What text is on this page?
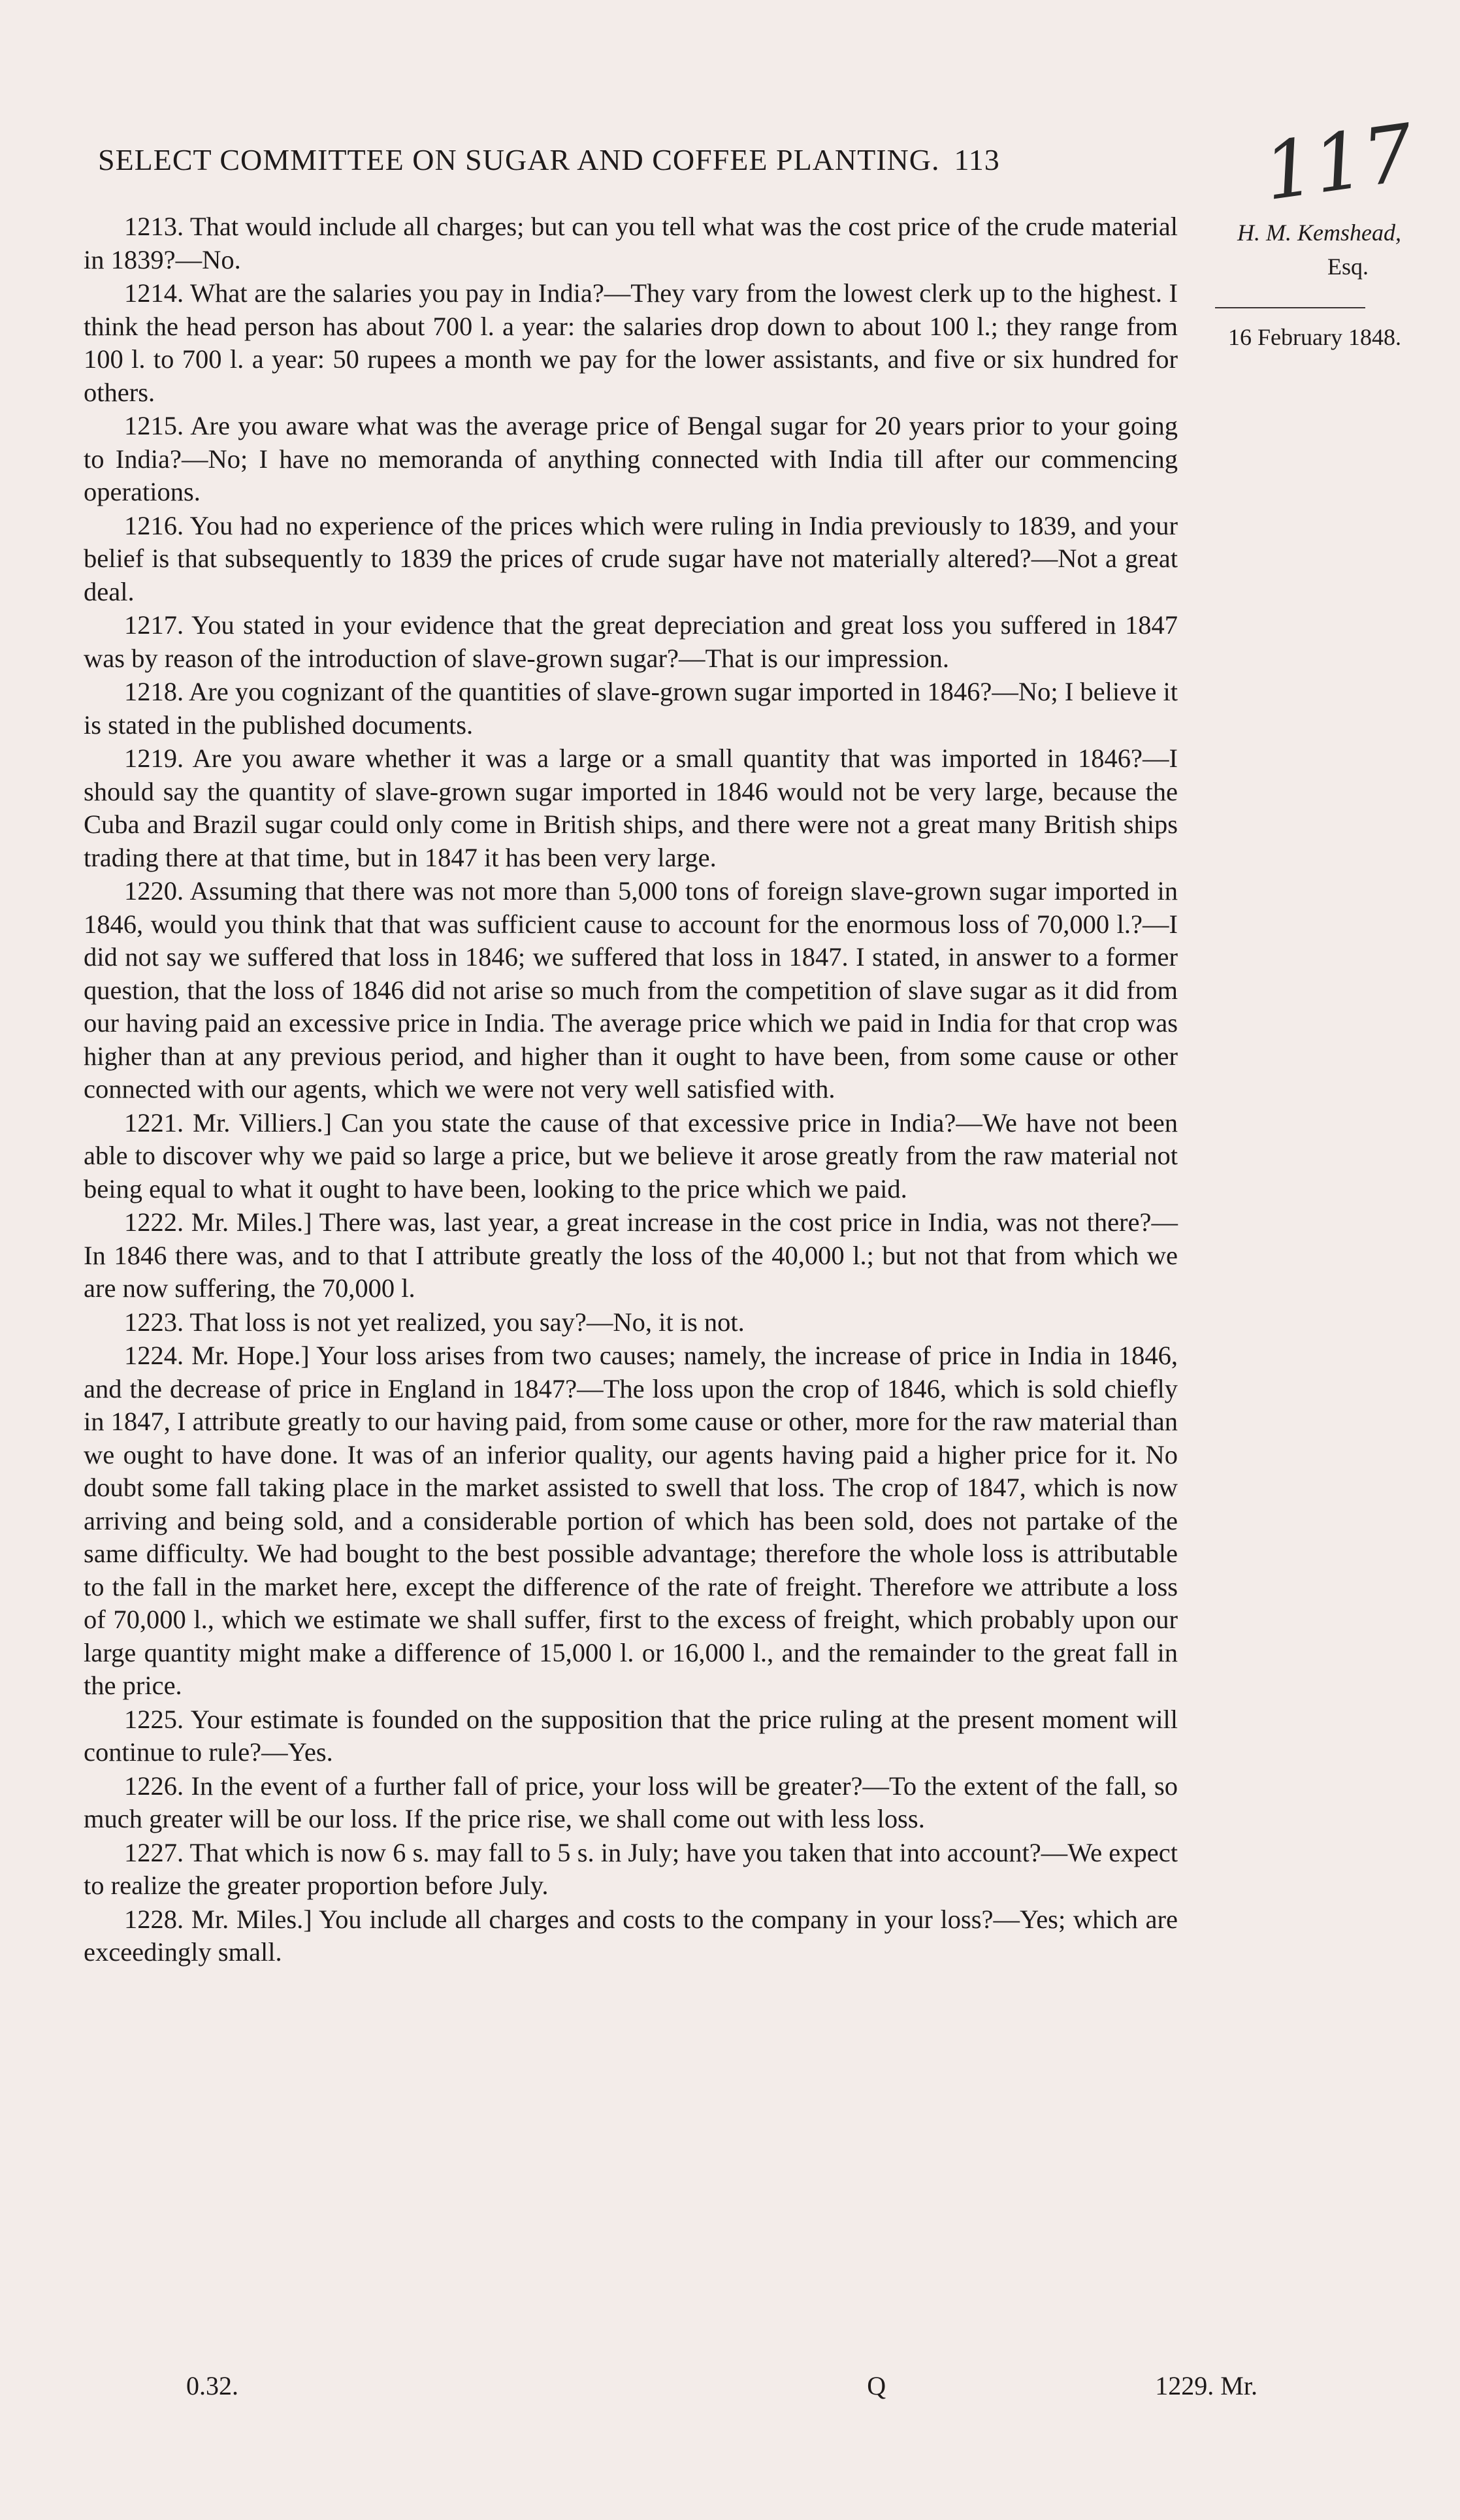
SELECT COMMITTEE ON SUGAR AND COFFEE PLANTING. 113	117
H. M. Kemshead,
Esq.
16 February 1848.

1213. That would include all charges; but can you tell what was the cost price of the crude material in 1839?—No.

1214. What are the salaries you pay in India?—They vary from the lowest clerk up to the highest. I think the head person has about 700 l. a year: the salaries drop down to about 100 l.; they range from 100 l. to 700 l. a year: 50 rupees a month we pay for the lower assistants, and five or six hundred for others.

1215. Are you aware what was the average price of Bengal sugar for 20 years prior to your going to India?—No; I have no memoranda of anything connected with India till after our commencing operations.

1216. You had no experience of the prices which were ruling in India previously to 1839, and your belief is that subsequently to 1839 the prices of crude sugar have not materially altered?—Not a great deal.

1217. You stated in your evidence that the great depreciation and great loss you suffered in 1847 was by reason of the introduction of slave-grown sugar?—That is our impression.

1218. Are you cognizant of the quantities of slave-grown sugar imported in 1846?—No; I believe it is stated in the published documents.

1219. Are you aware whether it was a large or a small quantity that was imported in 1846?—I should say the quantity of slave-grown sugar imported in 1846 would not be very large, because the Cuba and Brazil sugar could only come in British ships, and there were not a great many British ships trading there at that time, but in 1847 it has been very large.

1220. Assuming that there was not more than 5,000 tons of foreign slave-grown sugar imported in 1846, would you think that that was sufficient cause to account for the enormous loss of 70,000 l.?—I did not say we suffered that loss in 1846; we suffered that loss in 1847. I stated, in answer to a former question, that the loss of 1846 did not arise so much from the competition of slave sugar as it did from our having paid an excessive price in India. The average price which we paid in India for that crop was higher than at any previous period, and higher than it ought to have been, from some cause or other connected with our agents, which we were not very well satisfied with.

1221. Mr. Villiers.] Can you state the cause of that excessive price in India?—We have not been able to discover why we paid so large a price, but we believe it arose greatly from the raw material not being equal to what it ought to have been, looking to the price which we paid.

1222. Mr. Miles.] There was, last year, a great increase in the cost price in India, was not there?—In 1846 there was, and to that I attribute greatly the loss of the 40,000 l.; but not that from which we are now suffering, the 70,000 l.

1223. That loss is not yet realized, you say?—No, it is not.

1224. Mr. Hope.] Your loss arises from two causes; namely, the increase of price in India in 1846, and the decrease of price in England in 1847?—The loss upon the crop of 1846, which is sold chiefly in 1847, I attribute greatly to our having paid, from some cause or other, more for the raw material than we ought to have done. It was of an inferior quality, our agents having paid a higher price for it. No doubt some fall taking place in the market assisted to swell that loss. The crop of 1847, which is now arriving and being sold, and a considerable portion of which has been sold, does not partake of the same difficulty. We had bought to the best possible advantage; therefore the whole loss is attributable to the fall in the market here, except the difference of the rate of freight. Therefore we attribute a loss of 70,000 l., which we estimate we shall suffer, first to the excess of freight, which probably upon our large quantity might make a difference of 15,000 l. or 16,000 l., and the remainder to the great fall in the price.

1225. Your estimate is founded on the supposition that the price ruling at the present moment will continue to rule?—Yes.

1226. In the event of a further fall of price, your loss will be greater?—To the extent of the fall, so much greater will be our loss. If the price rise, we shall come out with less loss.

1227. That which is now 6 s. may fall to 5 s. in July; have you taken that into account?—We expect to realize the greater proportion before July.

1228. Mr. Miles.] You include all charges and costs to the company in your loss?—Yes; which are exceedingly small.

0.32.	Q	1229. Mr.
